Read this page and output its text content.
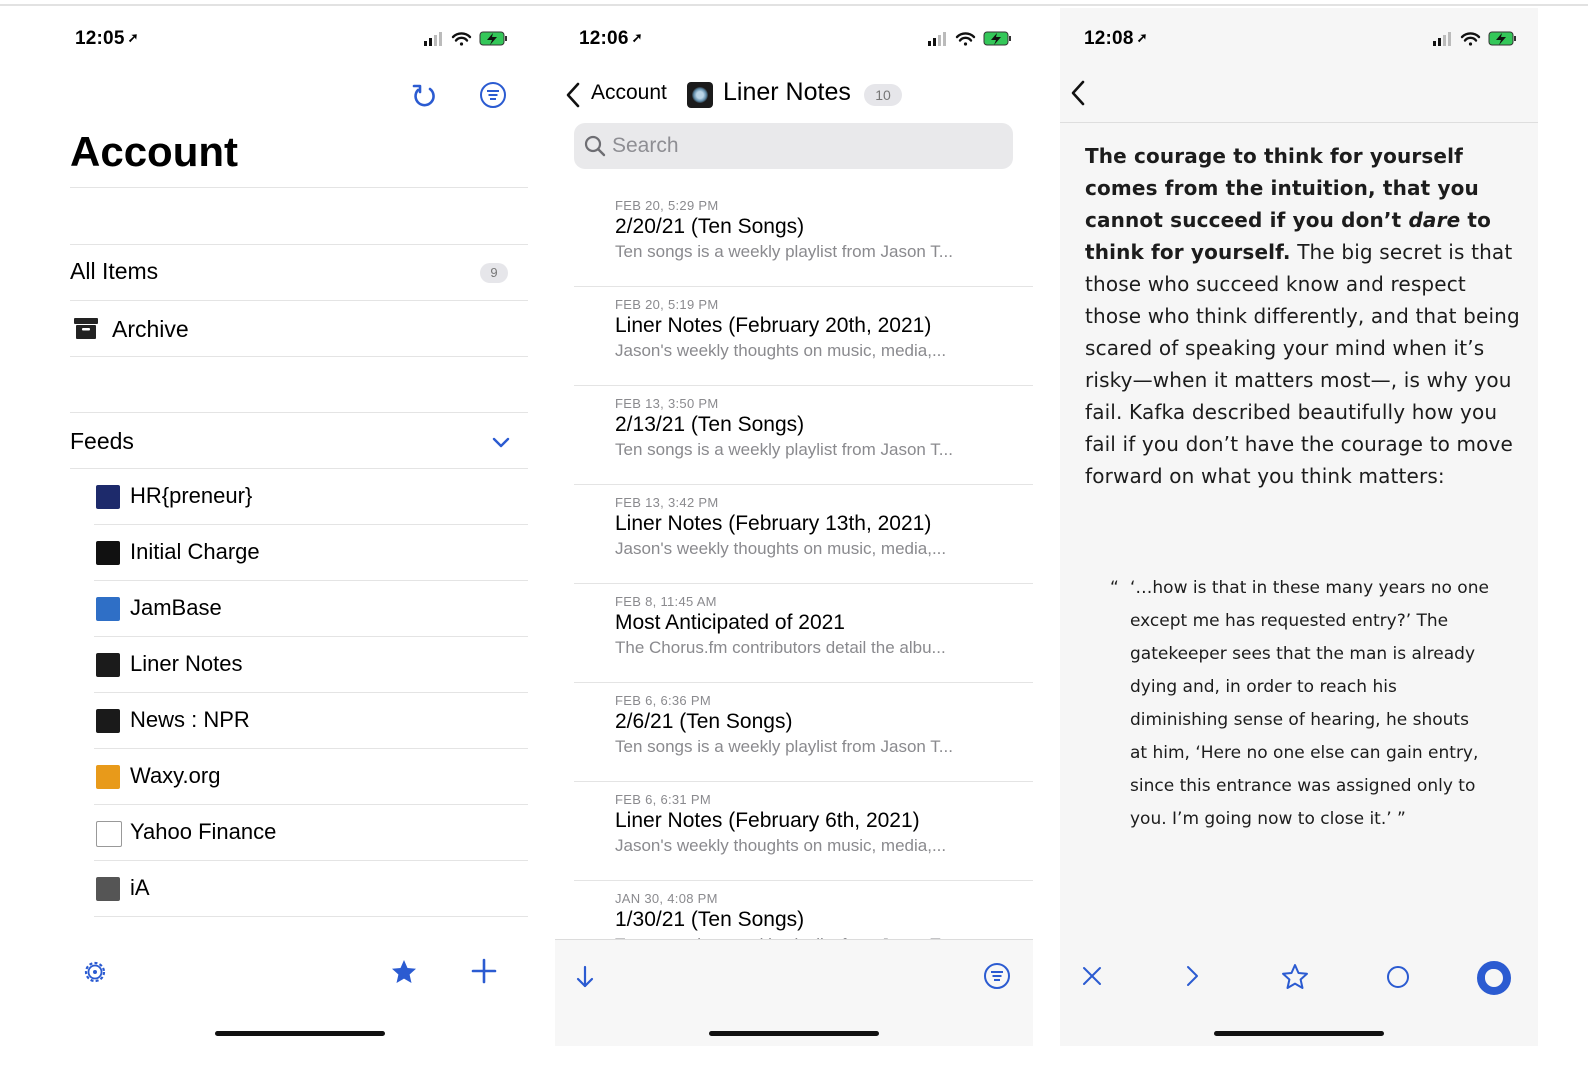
12:05 ➚
Account
All Items	9
Archive
Feeds
HR{preneur}
Initial Charge
JamBase
Liner Notes
News : NPR
Waxy.org
Yahoo Finance
iA
12:06 ➚
Account Liner Notes	10
Search
FEB 20, 5:29 PM
2/20/21 (Ten Songs)
Ten songs is a weekly playlist from Jason T...
FEB 20, 5:19 PM
Liner Notes (February 20th, 2021)
Jason's weekly thoughts on music, media,...
FEB 13, 3:50 PM
2/13/21 (Ten Songs)
Ten songs is a weekly playlist from Jason T...
FEB 13, 3:42 PM
Liner Notes (February 13th, 2021)
Jason's weekly thoughts on music, media,...
FEB 8, 11:45 AM
Most Anticipated of 2021
The Chorus.fm contributors detail the albu...
FEB 6, 6:36 PM
2/6/21 (Ten Songs)
Ten songs is a weekly playlist from Jason T...
FEB 6, 6:31 PM
Liner Notes (February 6th, 2021)
Jason's weekly thoughts on music, media,...
JAN 30, 4:08 PM
1/30/21 (Ten Songs)
12:08 ➚
The courage to think for yourself comes from the intuition, that you cannot succeed if you don’t dare to think for yourself. The big secret is that those who succeed know and respect those who think differently, and that being scared of speaking your mind when it’s risky—when it matters most—, is why you fail. Kafka described beautifully how you fail if you don’t have the courage to move forward on what you think matters:
“ ‘…how is that in these many years no one except me has requested entry?’ The gatekeeper sees that the man is already dying and, in order to reach his diminishing sense of hearing, he shouts at him, ‘Here no one else can gain entry, since this entrance was assigned only to you. I’m going now to close it.’ ”
